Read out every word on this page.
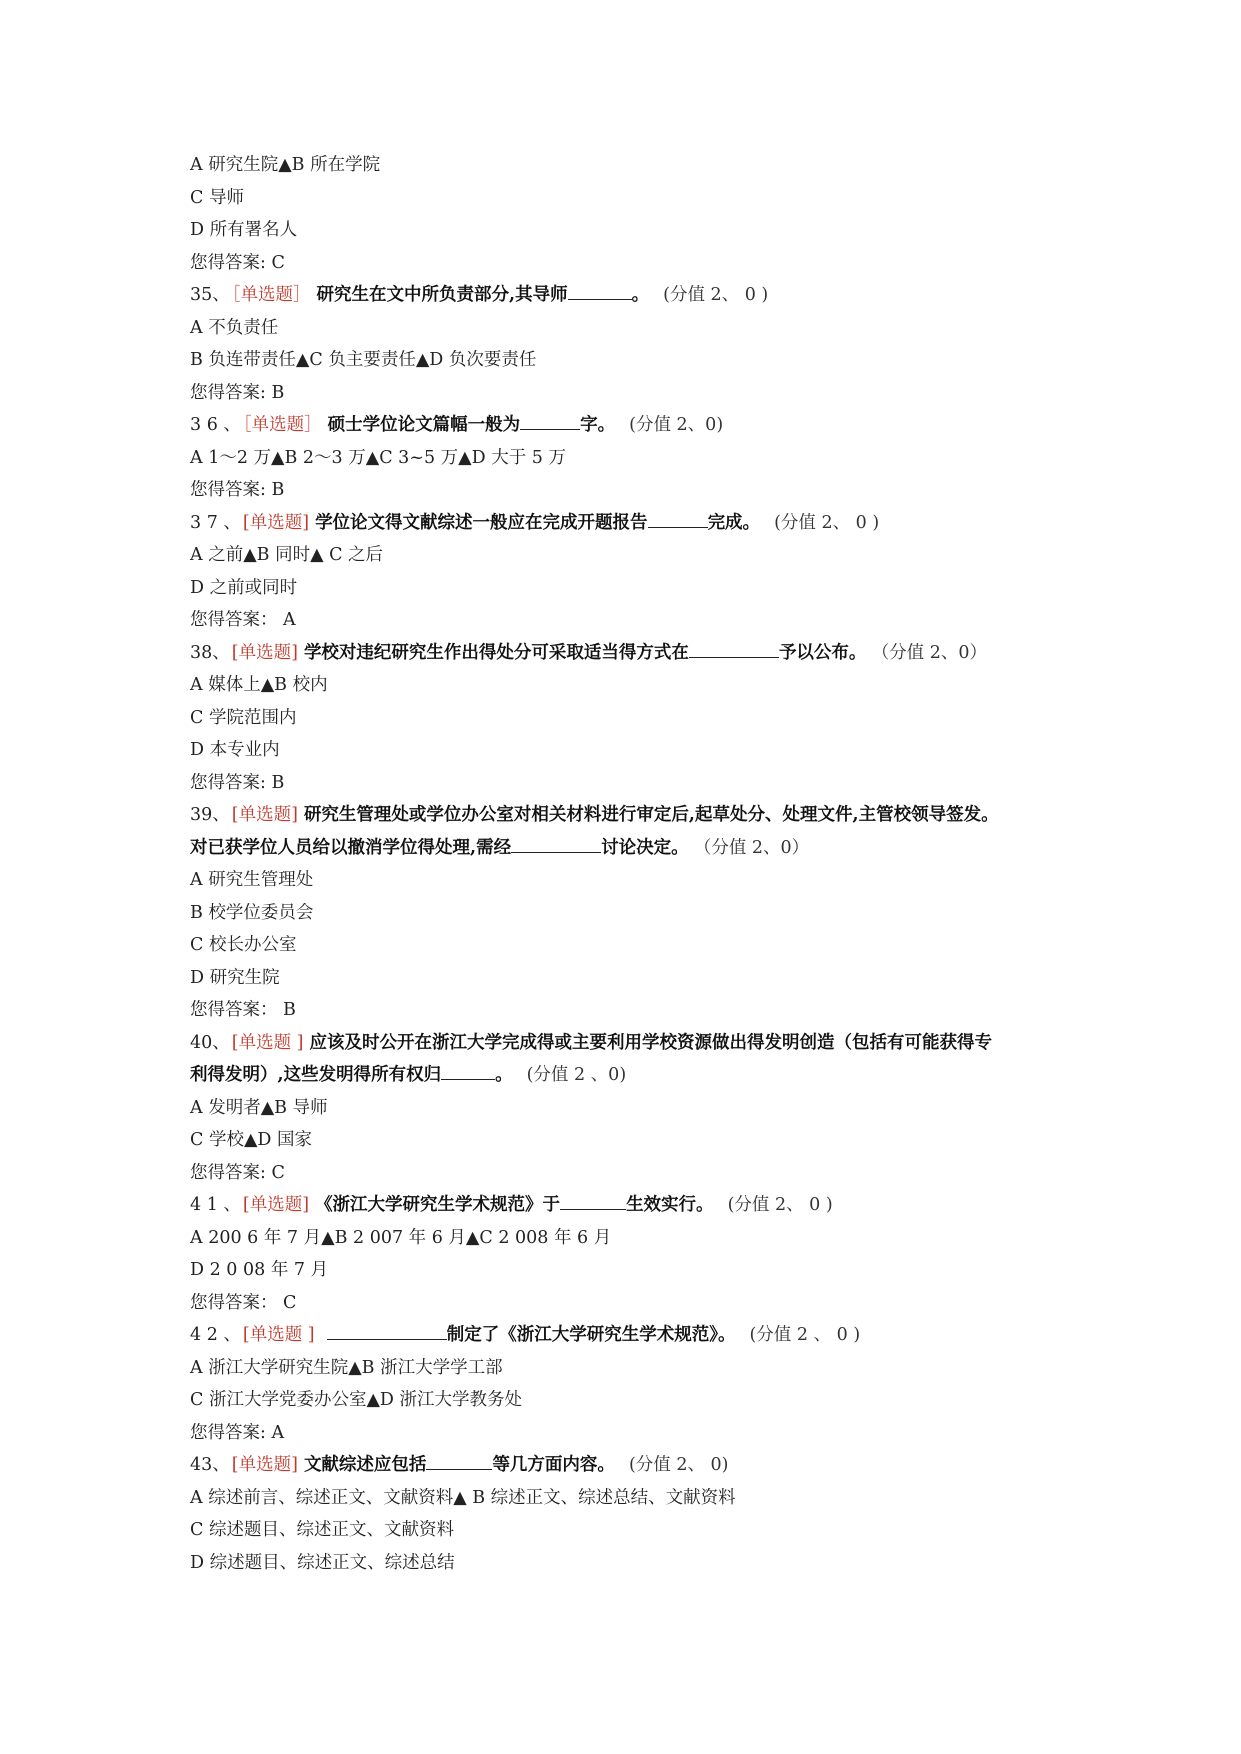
A 研究生院▲B 所在学院
C 导师
D 所有署名人
您得答案: C
35、 ［单选题］ 研究生在文中所负责部分,其导师	。 (分值 2、 0 )
A 不负责任
B 负连带责任▲C 负主要责任▲D 负次要责任
您得答案: B
3 6 、 ［单选题］ 硕士学位论文篇幅一般为	字。 (分值 2、0)
A 1～2 万▲B 2～3 万▲C 3~5 万▲D 大于 5 万
您得答案: B
3 7 、 [单选题] 学位论文得文献综述一般应在完成开题报告	完成。 (分值 2、 0 )
A 之前▲B 同时▲ C 之后
D 之前或同时
您得答案： A
38、 [单选题] 学校对违纪研究生作出得处分可采取适当得方式在	予以公布。 （分值 2、0）
A 媒体上▲B 校内
C 学院范围内
D 本专业内
您得答案: B
39、 [单选题] 研究生管理处或学位办公室对相关材料进行审定后,起草处分、处理文件,主管校领导签发。
对已获学位人员给以撤消学位得处理,需经	讨论决定。 （分值 2、0）
A 研究生管理处
B 校学位委员会
C 校长办公室
D 研究生院
您得答案： B
40、 [单选题 ] 应该及时公开在浙江大学完成得或主要利用学校资源做出得发明创造（包括有可能获得专
利得发明）,这些发明得所有权归	。 (分值 2 、0)
A 发明者▲B 导师
C 学校▲D 国家
您得答案: C
4 1 、 [单选题] 《浙江大学研究生学术规范》于	生效实行。 (分值 2、 0 )
A 200 6 年 7 月▲B 2 007 年 6 月▲C 2 008 年 6 月
D 2 0 08 年 7 月
您得答案： C
4 2 、 [单选题 ]	制定了《浙江大学研究生学术规范》。 (分值 2 、 0 )
A 浙江大学研究生院▲B 浙江大学学工部
C 浙江大学党委办公室▲D 浙江大学教务处
您得答案: A
43、 [单选题] 文献综述应包括	等几方面内容。 (分值 2、 0)
A 综述前言、综述正文、文献资料▲ B 综述正文、综述总结、文献资料
C 综述题目、综述正文、文献资料
D 综述题目、综述正文、综述总结
